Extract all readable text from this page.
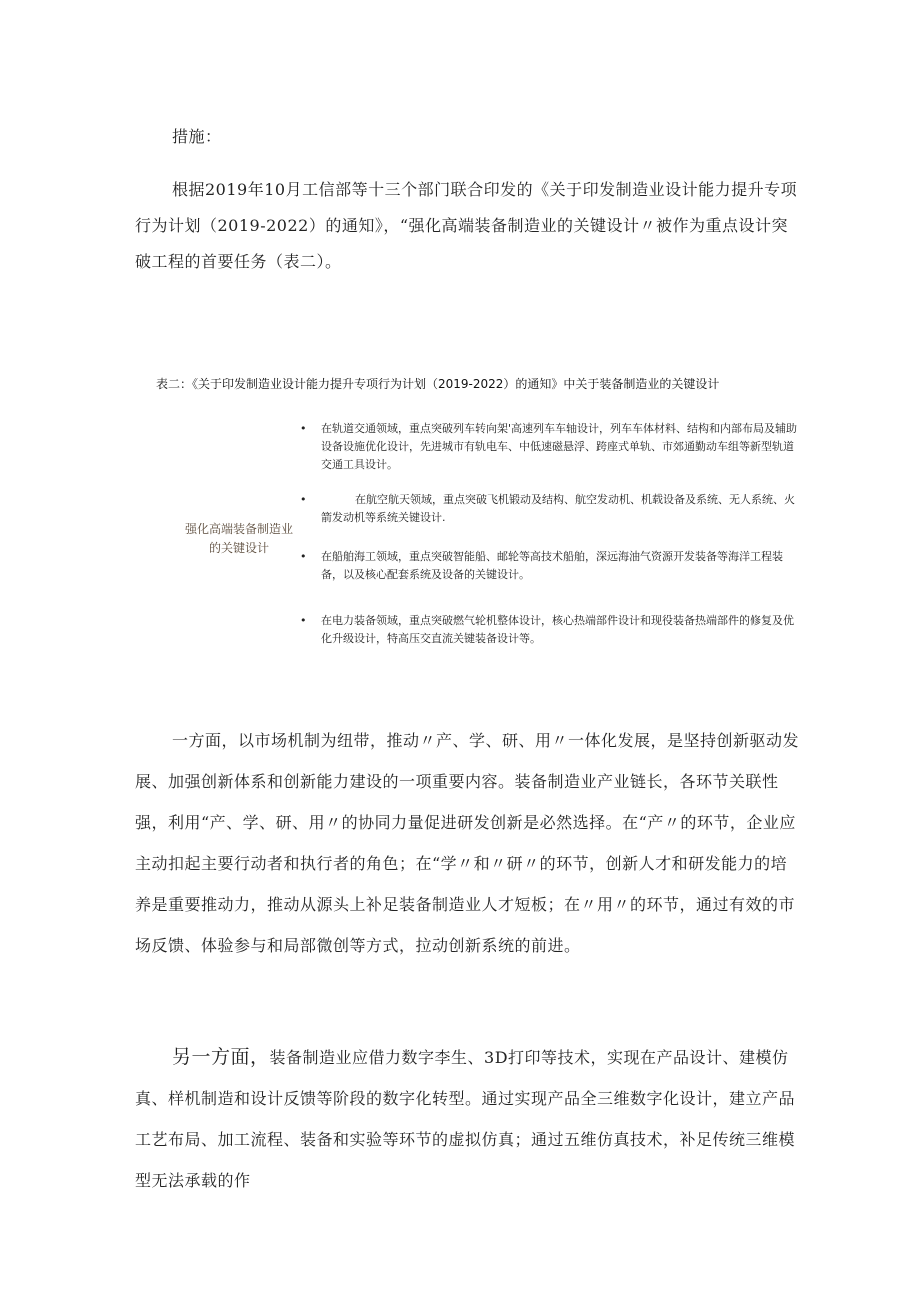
措施：

根据2019年10月工信部等十三个部门联合印发的《关于印发制造业设计能力提升专项行为计划（2019-2022）的通知》，“强化高端装备制造业的关键设计〃被作为重点设计突破工程的首要任务（表二）。

表二：《关于印发制造业设计能力提升专项行为计划（2019-2022）的通知》中关于装备制造业的关键设计
强化高端装备制造业的关键设计
• 在轨道交通领域，重点突破列车转向架'高速列车车轴设计，列车车体材料、结构和内部布局及辅助设备设施优化设计，先进城市有轨电车、中低速磁悬浮、跨座式单轨、市郊通勤动车组等新型轨道交通工具设计。
•	在航空航天领域，重点突破飞机锻动及结构、航空发动机、机载设备及系统、无人系统、火箭发动机等系统关键设计.
• 在船舶海工领域，重点突破智能船、邮轮等高技术船舶，深远海油气资源开发装备等海洋工程装备，以及核心配套系统及设备的关键设计。
• 在电力装备领域，重点突破燃气轮机整体设计，核心热端部件设计和现役装备热端部件的修复及优化升级设计，特高压交直流关键装备设计等。

一方面，以市场机制为纽带，推动〃产、学、研、用〃一体化发展，是坚持创新驱动发展、加强创新体系和创新能力建设的一项重要内容。装备制造业产业链长，各环节关联性强，利用“产、学、研、用〃的协同力量促进研发创新是必然选择。在“产〃的环节，企业应主动扣起主要行动者和执行者的角色；在“学〃和〃研〃的环节，创新人才和研发能力的培养是重要推动力，推动从源头上补足装备制造业人才短板；在〃用〃的环节，通过有效的市场反馈、体验参与和局部微创等方式，拉动创新系统的前进。

另一方面，装备制造业应借力数字李生、3D打印等技术，实现在产品设计、建模仿真、样机制造和设计反馈等阶段的数字化转型。通过实现产品全三维数字化设计，建立产品工艺布局、加工流程、装备和实验等环节的虚拟仿真；通过五维仿真技术，补足传统三维模型无法承载的作
